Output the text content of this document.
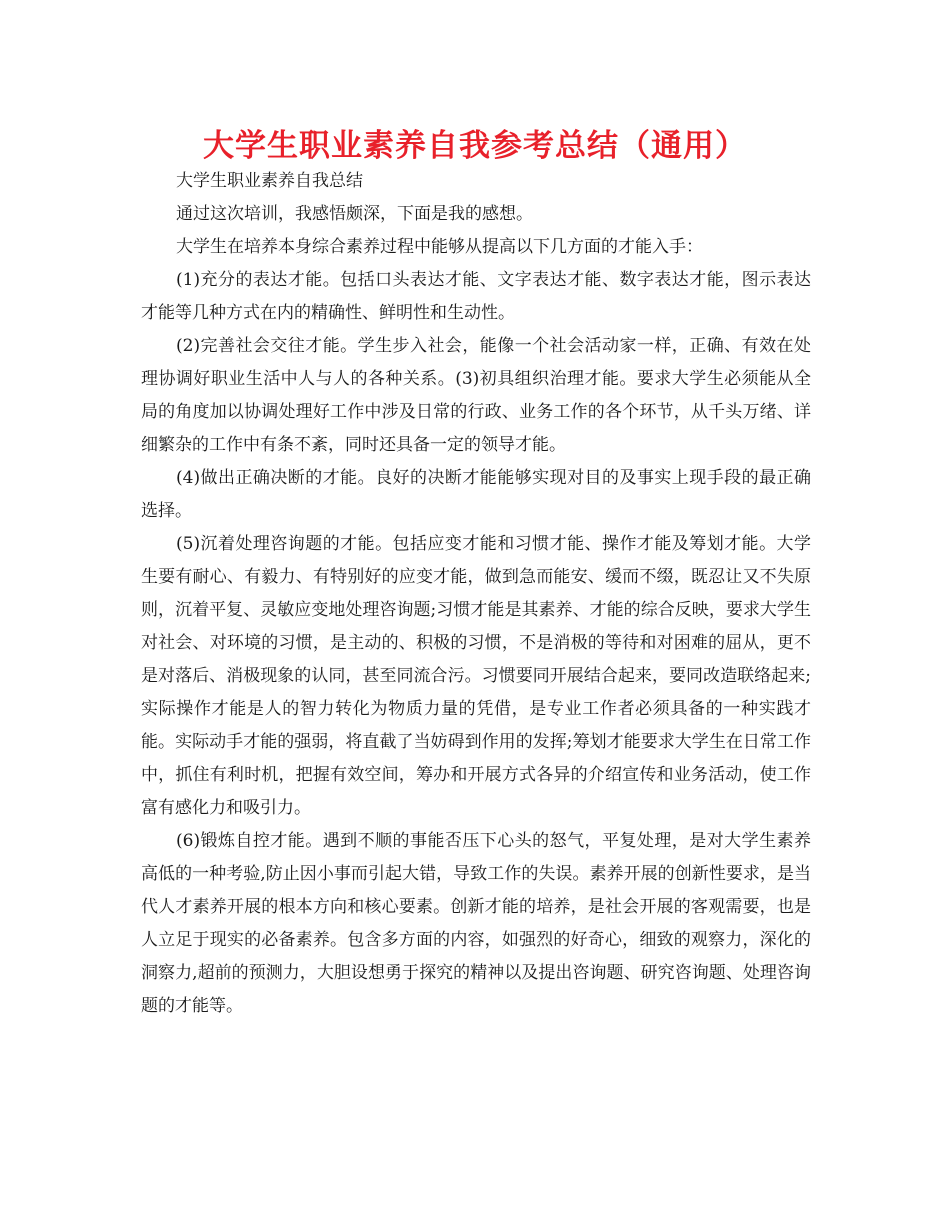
大学生职业素养自我参考总结（通用）

大学生职业素养自我总结

通过这次培训，我感悟颇深，下面是我的感想。

大学生在培养本身综合素养过程中能够从提高以下几方面的才能入手：

(1)充分的表达才能。包括口头表达才能、文字表达才能、数字表达才能，图示表达才能等几种方式在内的精确性、鲜明性和生动性。

(2)完善社会交往才能。学生步入社会，能像一个社会活动家一样，正确、有效在处理协调好职业生活中人与人的各种关系。(3)初具组织治理才能。要求大学生必须能从全局的角度加以协调处理好工作中涉及日常的行政、业务工作的各个环节，从千头万绪、详细繁杂的工作中有条不紊，同时还具备一定的领导才能。

(4)做出正确决断的才能。良好的决断才能能够实现对目的及事实上现手段的最正确选择。

(5)沉着处理咨询题的才能。包括应变才能和习惯才能、操作才能及筹划才能。大学生要有耐心、有毅力、有特别好的应变才能，做到急而能安、缓而不缀，既忍让又不失原则，沉着平复、灵敏应变地处理咨询题;习惯才能是其素养、才能的综合反映，要求大学生对社会、对环境的习惯，是主动的、积极的习惯，不是消极的等待和对困难的屈从，更不是对落后、消极现象的认同，甚至同流合污。习惯要同开展结合起来，要同改造联络起来;实际操作才能是人的智力转化为物质力量的凭借，是专业工作者必须具备的一种实践才能。实际动手才能的强弱，将直截了当妨碍到作用的发挥;筹划才能要求大学生在日常工作中，抓住有利时机，把握有效空间，筹办和开展方式各异的介绍宣传和业务活动，使工作富有感化力和吸引力。

(6)锻炼自控才能。遇到不顺的事能否压下心头的怒气，平复处理，是对大学生素养高低的一种考验,防止因小事而引起大错，导致工作的失误。素养开展的创新性要求，是当代人才素养开展的根本方向和核心要素。创新才能的培养，是社会开展的客观需要，也是人立足于现实的必备素养。包含多方面的内容，如强烈的好奇心，细致的观察力，深化的洞察力,超前的预测力，大胆设想勇于探究的精神以及提出咨询题、研究咨询题、处理咨询题的才能等。
